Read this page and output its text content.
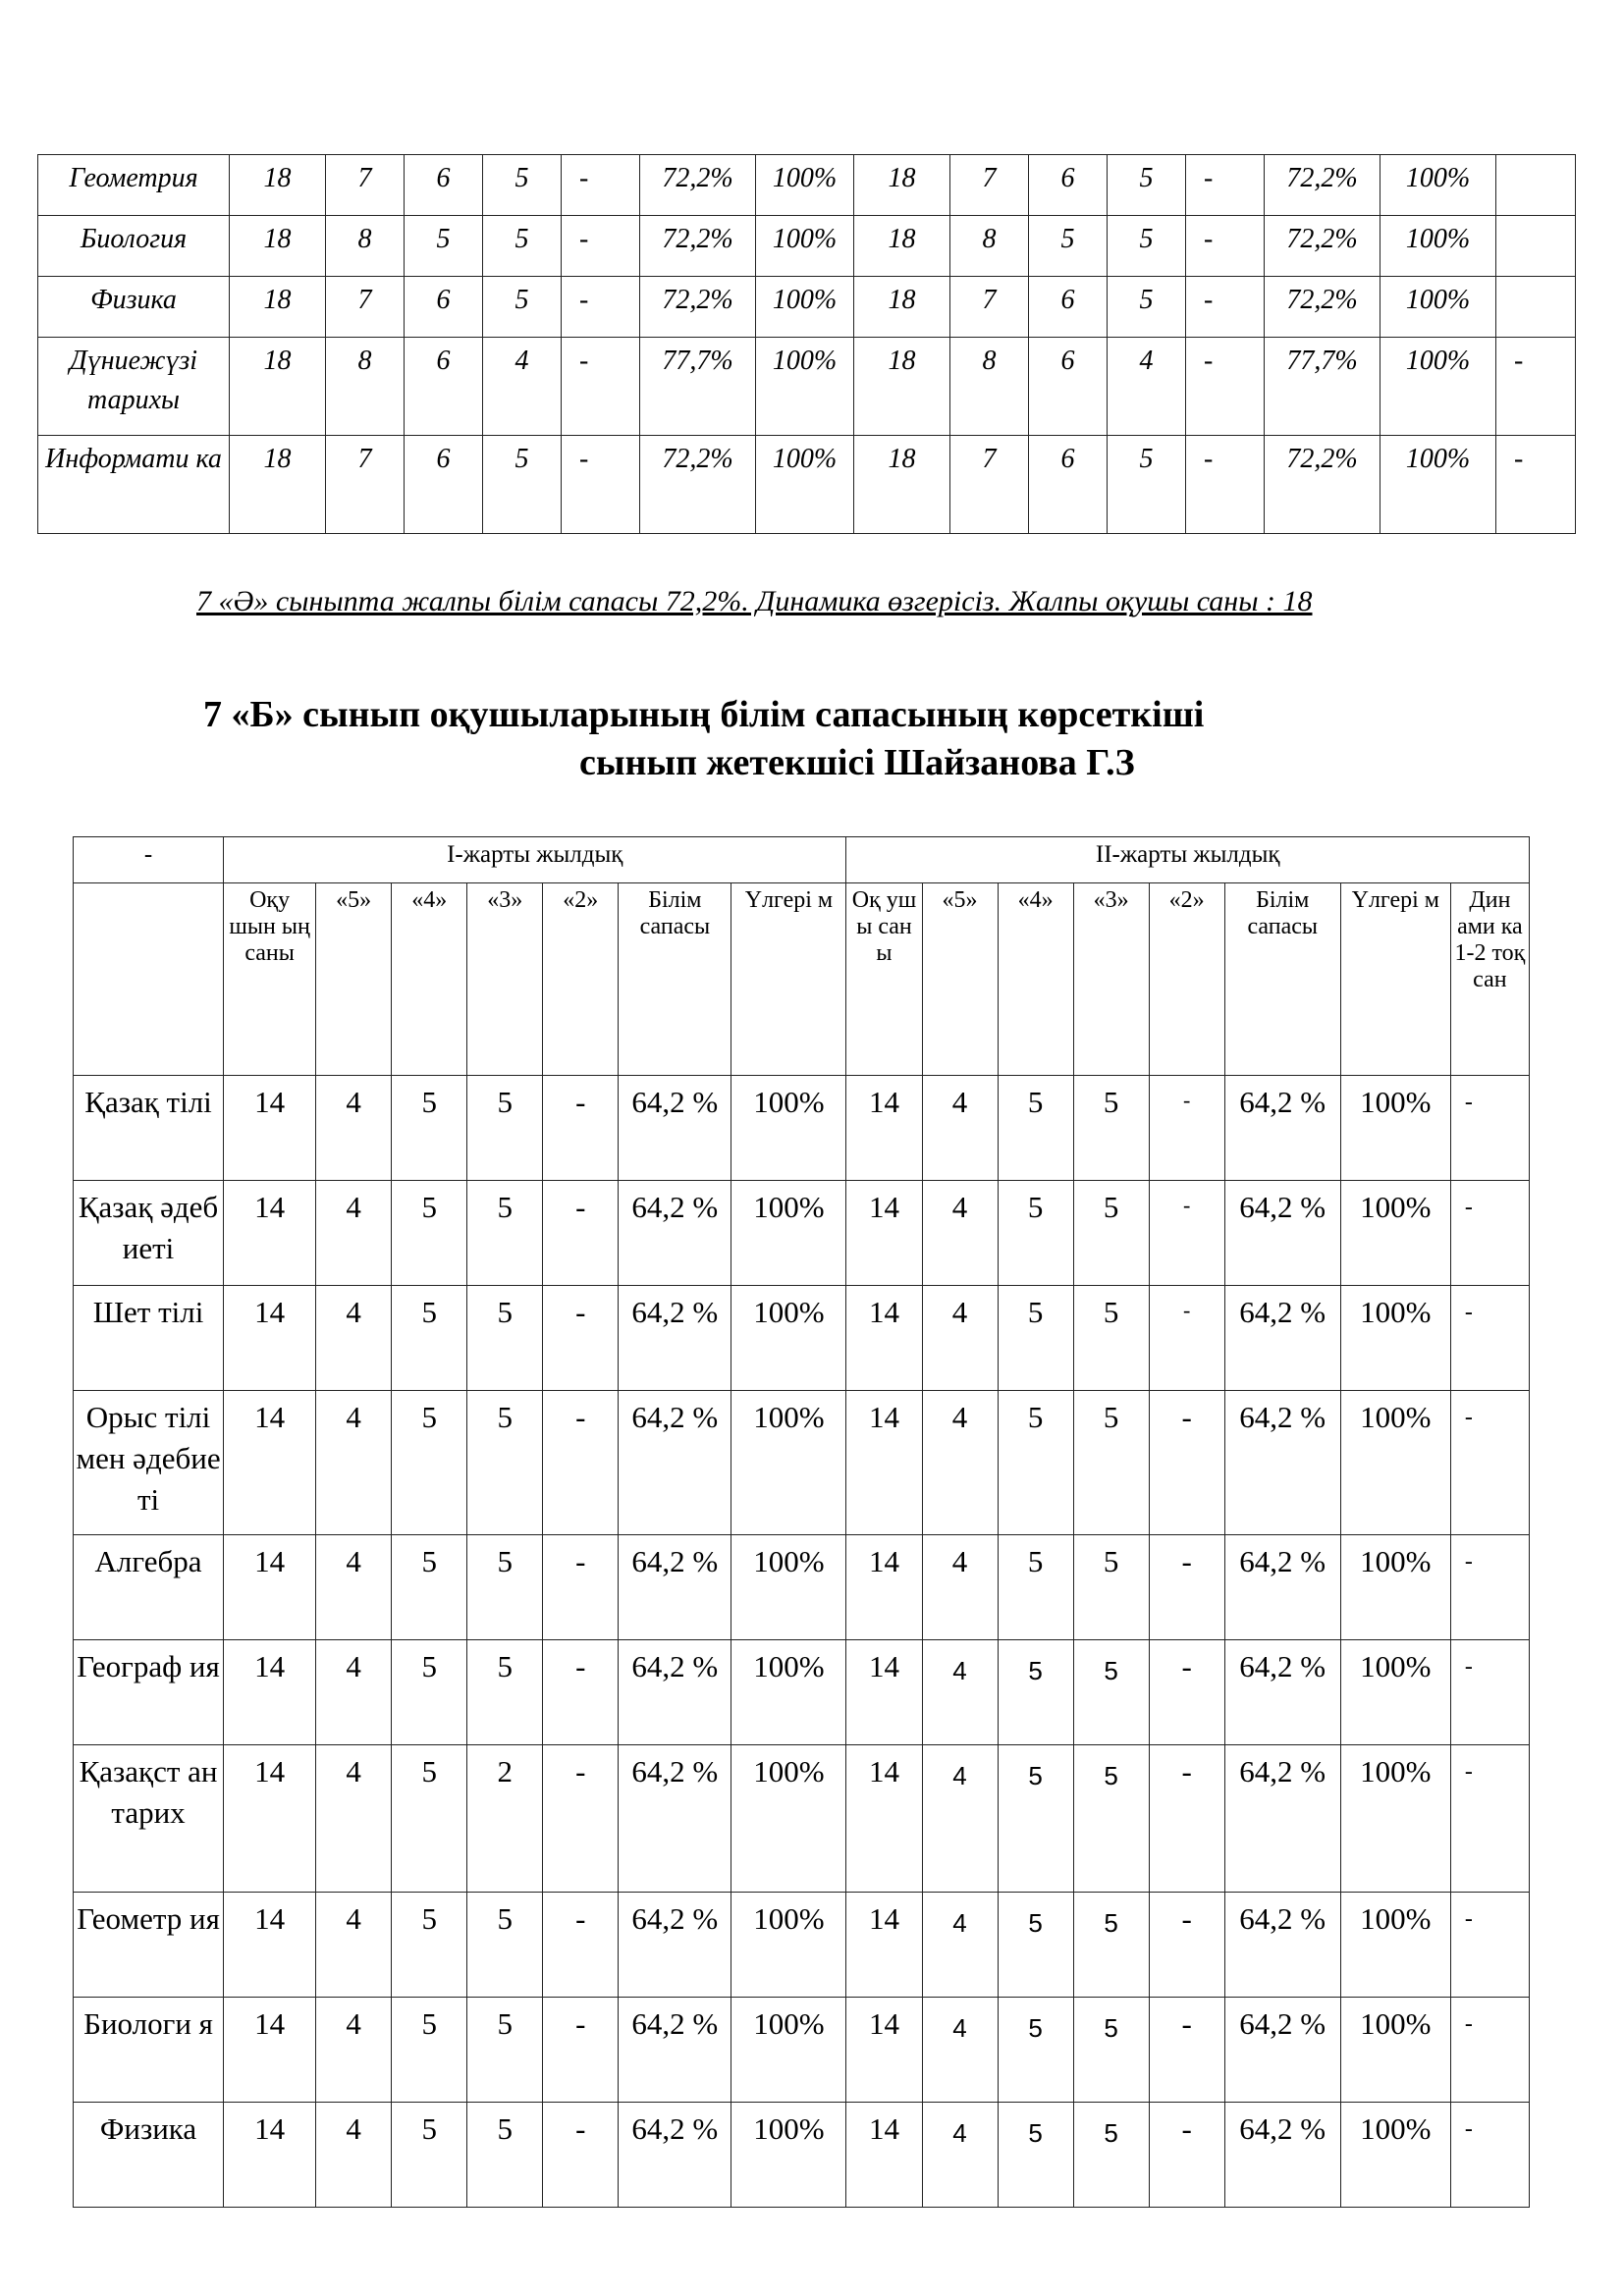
Геометрия	18	7	6	5	-	72,2%	100%	18	7	6	5	-	72,2%	100%	
Биология	18	8	5	5	-	72,2%	100%	18	8	5	5	-	72,2%	100%	
Физика	18	7	6	5	-	72,2%	100%	18	7	6	5	-	72,2%	100%	
Дүниежүзі тарихы	18	8	6	4	-	77,7%	100%	18	8	6	4	-	77,7%	100%	-
Информати ка	18	7	6	5	-	72,2%	100%	18	7	6	5	-	72,2%	100%	-
7 «Ә» сыныпта жалпы білім сапасы 72,2%. Динамика өзгерісіз. Жалпы оқушы саны : 18
7 «Б» сынып оқушыларының білім сапасының көрсеткіші
сынып жетекшісі Шайзанова Г.З
-	I-жарты жылдық							II-жарты жылдық							
	Оқу шын ың саны	«5»	«4»	«3»	«2»	Білім сапасы	Үлгері м	Оқ уш ы сан ы	«5»	«4»	«3»	«2»	Білім сапасы	Үлгері м	Дин ами ка 1-2 тоқ сан
Қазақ тілі	14	4	5	5	-	64,2 %	100%	14	4	5	5	-	64,2 %	100%	-
Қазақ әдебиеті	14	4	5	5	-	64,2 %	100%	14	4	5	5	-	64,2 %	100%	-
Шет тілі	14	4	5	5	-	64,2 %	100%	14	4	5	5	-	64,2 %	100%	-
Орыс тілі мен әдебиеті	14	4	5	5	-	64,2 %	100%	14	4	5	5	-	64,2 %	100%	-
Алгебра	14	4	5	5	-	64,2 %	100%	14	4	5	5	-	64,2 %	100%	-
Географ ия	14	4	5	5	-	64,2 %	100%	14	4	5	5	-	64,2 %	100%	-
Қазақст ан тарих	14	4	5	2	-	64,2 %	100%	14	4	5	5	-	64,2 %	100%	-
Геометр ия	14	4	5	5	-	64,2 %	100%	14	4	5	5	-	64,2 %	100%	-
Биологи я	14	4	5	5	-	64,2 %	100%	14	4	5	5	-	64,2 %	100%	-
Физика	14	4	5	5	-	64,2 %	100%	14	4	5	5	-	64,2 %	100%	-
